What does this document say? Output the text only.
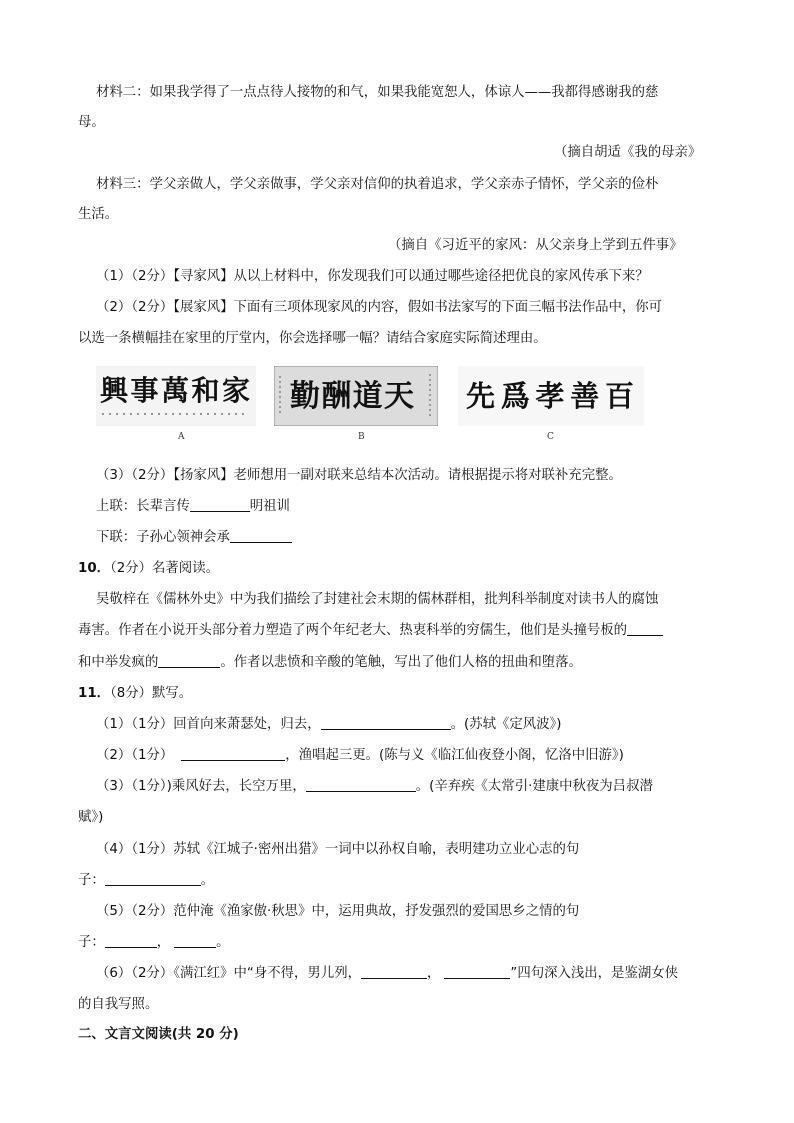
材料二：如果我学得了一点点待人接物的和气，如果我能宽恕人，体谅人——我都得感谢我的慈
母。
（摘自胡适《我的母亲》
材料三：学父亲做人，学父亲做事，学父亲对信仰的执着追求，学父亲赤子情怀，学父亲的俭朴
生活。
（摘自《习近平的家风：从父亲身上学到五件事》
（1）（2分）【寻家风】从以上材料中，你发现我们可以通过哪些途径把优良的家风传承下来？
（2）（2分）【展家风】下面有三项体现家风的内容，假如书法家写的下面三幅书法作品中，你可
以选一条横幅挂在家里的厅堂内，你会选择哪一幅？请结合家庭实际简述理由。
興事萬和家 勤酬道天 先爲孝善百
A	B	C
（3）（2分）【扬家风】老师想用一副对联来总结本次活动。请根据提示将对联补充完整。
上联：长辈言传	明祖训
下联：子孙心领神会承
10．（2分）名著阅读。
吴敬梓在《儒林外史》中为我们描绘了封建社会末期的儒林群相，批判科举制度对读书人的腐蚀
毒害。作者在小说开头部分着力塑造了两个年纪老大、热衷科举的穷儒生，他们是头撞号板的
和中举发疯的	。作者以悲愤和辛酸的笔触，写出了他们人格的扭曲和堕落。
11．（8分）默写。
（1）（1分）回首向来萧瑟处，归去，	。(苏轼《定风波》)
（2）（1分）	，渔唱起三更。(陈与义《临江仙夜登小阁，忆洛中旧游》)
（3）（1分）)乘风好去，长空万里，	。(辛弃疾《太常引·建康中秋夜为吕叔潜
赋》)
（4）（1分）苏轼《江城子·密州出猎》一词中以孙权自喻，表明建功立业心志的句
子：	。
（5）（2分）范仲淹《渔家傲·秋思》中，运用典故，抒发强烈的爱国思乡之情的句
子：	，	。
（6）（2分）《满江红》中“身不得，男儿列，	，	”四句深入浅出，是鉴湖女侠
的自我写照。
二、文言文阅读(共 20 分)
